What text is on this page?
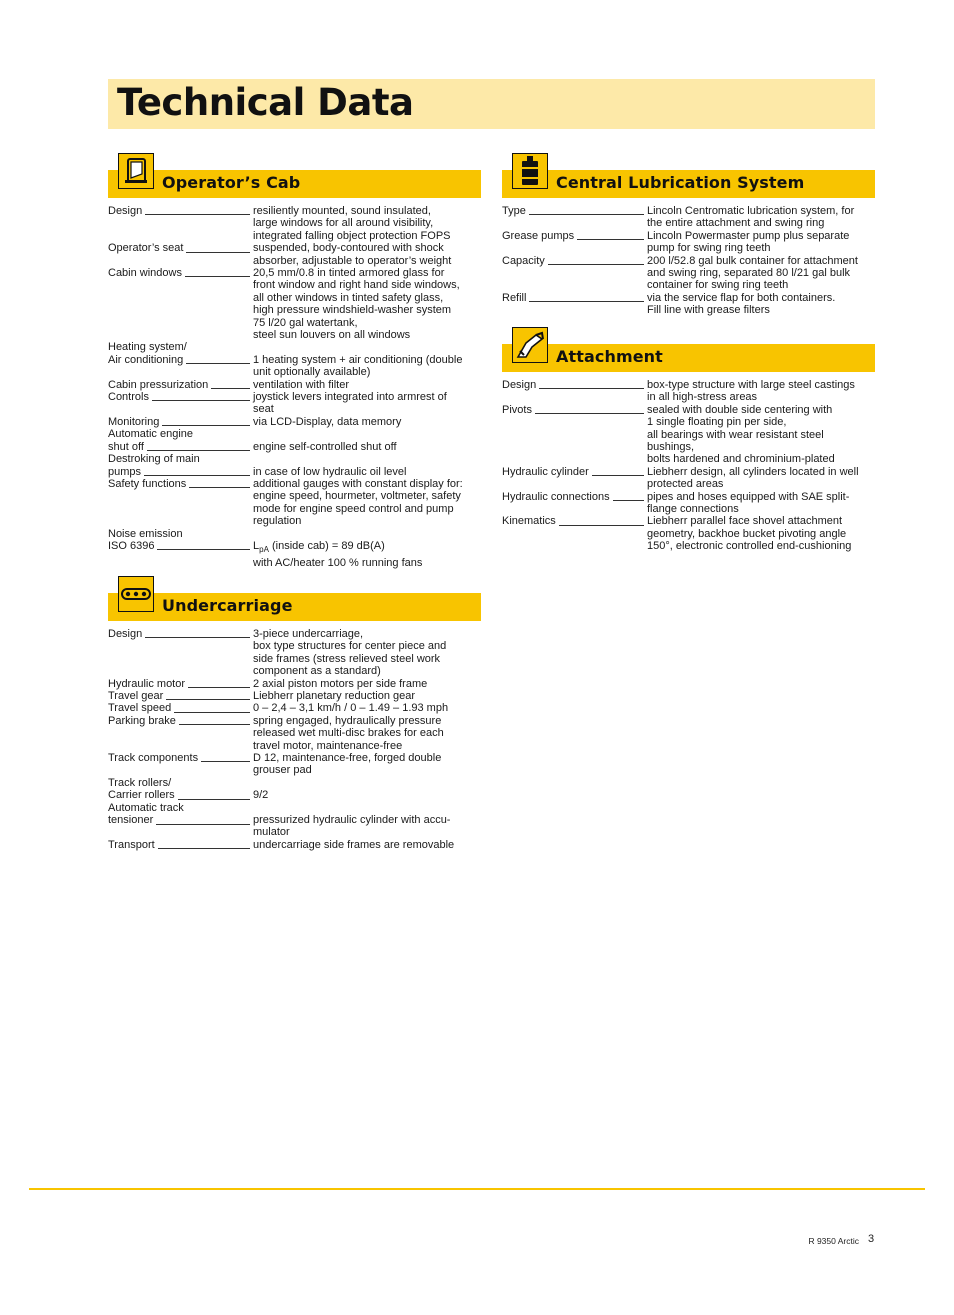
Technical Data
Operator’s Cab
Design	resiliently mounted, sound insulated,
large windows for all around visibility,
integrated falling object protection FOPS
Operator’s seat	suspended, body-contoured with shock
absorber, adjustable to operator’s weight
Cabin windows	20,5 mm/0.8 in tinted armored glass for
front window and right hand side windows,
all other windows in tinted safety glass,
high pressure windshield-washer system
75 l/20 gal watertank,
steel sun louvers on all windows
Heating system/
Air conditioning	1 heating system + air conditioning (double
unit optionally available)
Cabin pressurization	ventilation with filter
Controls	joystick levers integrated into armrest of
seat
Monitoring	via LCD-Display, data memory
Automatic engine
shut off	engine self-controlled shut off
Destroking of main
pumps	in case of low hydraulic oil level
Safety functions	additional gauges with constant display for:
engine speed, hourmeter, voltmeter, safety
mode for engine speed control and pump
regulation
Noise emission
ISO 6396	$L_{pA}$ (inside cab) = 89 dB(A)
with AC/heater 100 % running fans
Undercarriage
Design	3-piece undercarriage,
box type structures for center piece and
side frames (stress relieved steel work
component as a standard)
Hydraulic motor	2 axial piston motors per side frame
Travel gear	Liebherr planetary reduction gear
Travel speed	0 – 2,4 – 3,1 km/h / 0 – 1.49 – 1.93 mph
Parking brake	spring engaged, hydraulically pressure
released wet multi-disc brakes for each
travel motor, maintenance-free
Track components	D 12, maintenance-free, forged double
grouser pad
Track rollers/
Carrier rollers	9/2
Automatic track
tensioner	pressurized hydraulic cylinder with accu-
mulator
Transport	undercarriage side frames are removable
Central Lubrication System
Type	Lincoln Centromatic lubrication system, for
the entire attachment and swing ring
Grease pumps	Lincoln Powermaster pump plus separate
pump for swing ring teeth
Capacity	200 l/52.8 gal bulk container for attachment
and swing ring, separated 80 l/21 gal bulk
container for swing ring teeth
Refill	via the service flap for both containers.
Fill line with grease filters
Attachment
Design	box-type structure with large steel castings
in all high-stress areas
Pivots	sealed with double side centering with
1 single floating pin per side,
all bearings with wear resistant steel
bushings,
bolts hardened and chrominium-plated
Hydraulic cylinder	Liebherr design, all cylinders located in well
protected areas
Hydraulic connections	pipes and hoses equipped with SAE split-
flange connections
Kinematics	Liebherr parallel face shovel attachment
geometry, backhoe bucket pivoting angle
150°, electronic controlled end-cushioning
R 9350 Arctic 3
